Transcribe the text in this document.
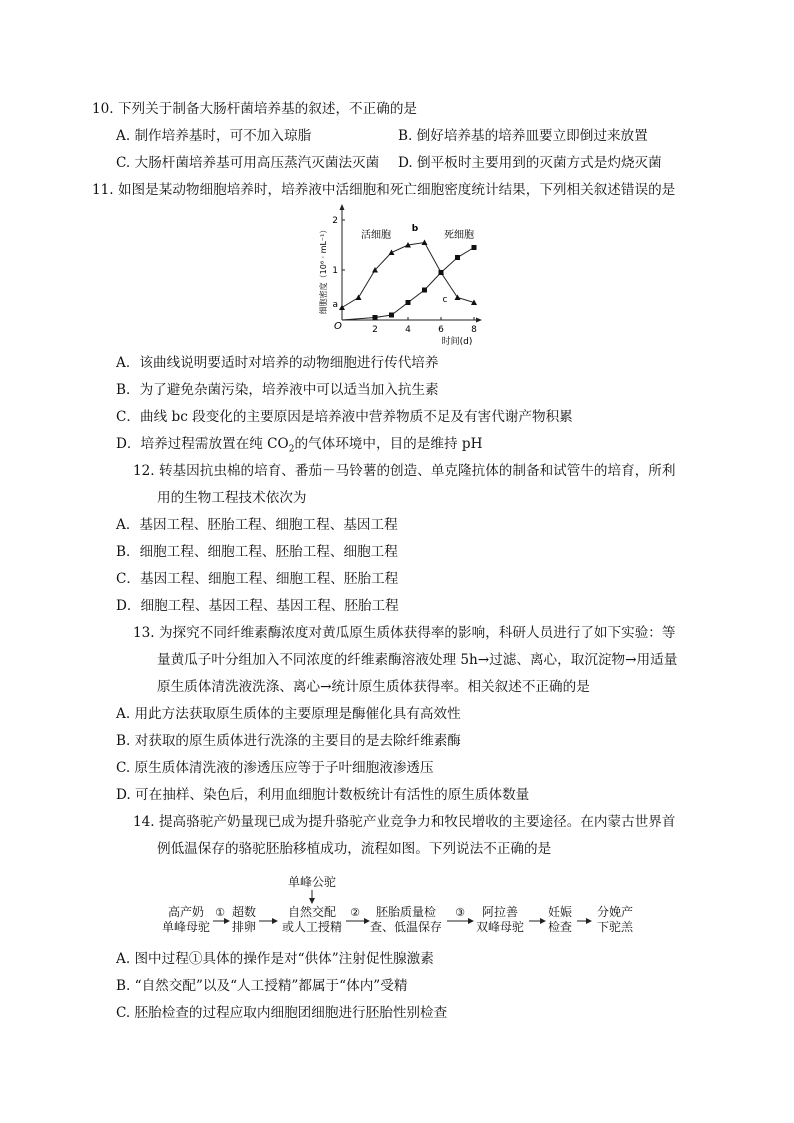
10. 下列关于制备大肠杆菌培养基的叙述，不正确的是
A. 制作培养基时，可不加入琼脂	B. 倒好培养基的培养皿要立即倒过来放置
C. 大肠杆菌培养基可用高压蒸汽灭菌法灭菌 D. 倒平板时主要用到的灭菌方式是灼烧灭菌
11. 如图是某动物细胞培养时，培养液中活细胞和死亡细胞密度统计结果，下列相关叙述错误的是
细胞密度（10⁶ · mL⁻¹）
O
时间(d)
2	4	6	8
1
2
活细胞	死细胞
a
b
c
A．该曲线说明要适时对培养的动物细胞进行传代培养
B．为了避免杂菌污染，培养液中可以适当加入抗生素
C．曲线 bc 段变化的主要原因是培养液中营养物质不足及有害代谢产物积累
D．培养过程需放置在纯 $CO_2$的气体环境中，目的是维持 pH
12. 转基因抗虫棉的培育、番茄－马铃薯的创造、单克隆抗体的制备和试管牛的培育，所利
用的生物工程技术依次为
A．基因工程、胚胎工程、细胞工程、基因工程
B．细胞工程、细胞工程、胚胎工程、细胞工程
C．基因工程、细胞工程、细胞工程、胚胎工程
D．细胞工程、基因工程、基因工程、胚胎工程
13. 为探究不同纤维素酶浓度对黄瓜原生质体获得率的影响，科研人员进行了如下实验：等
量黄瓜子叶分组加入不同浓度的纤维素酶溶液处理 5h→过滤、离心，取沉淀物→用适量
原生质体清洗液洗涤、离心→统计原生质体获得率。相关叙述不正确的是
A. 用此方法获取原生质体的主要原理是酶催化具有高效性
B. 对获取的原生质体进行洗涤的主要目的是去除纤维素酶
C. 原生质体清洗液的渗透压应等于子叶细胞液渗透压
D. 可在抽样、染色后，利用血细胞计数板统计有活性的原生质体数量
14. 提高骆驼产奶量现已成为提升骆驼产业竞争力和牧民增收的主要途径。在内蒙古世界首
例低温保存的骆驼胚胎移植成功，流程如图。下列说法不正确的是
单峰公驼
高产奶
单峰母驼
① 超数
排卵
自然交配
或人工授精
② 胚胎质量检
查、低温保存
③ 阿拉善
双峰母驼
妊娠
检查
分娩产
下驼羔
A. 图中过程①具体的操作是对“供体”注射促性腺激素
B. “自然交配”以及“人工授精”都属于“体内”受精
C. 胚胎检查的过程应取内细胞团细胞进行胚胎性别检查
